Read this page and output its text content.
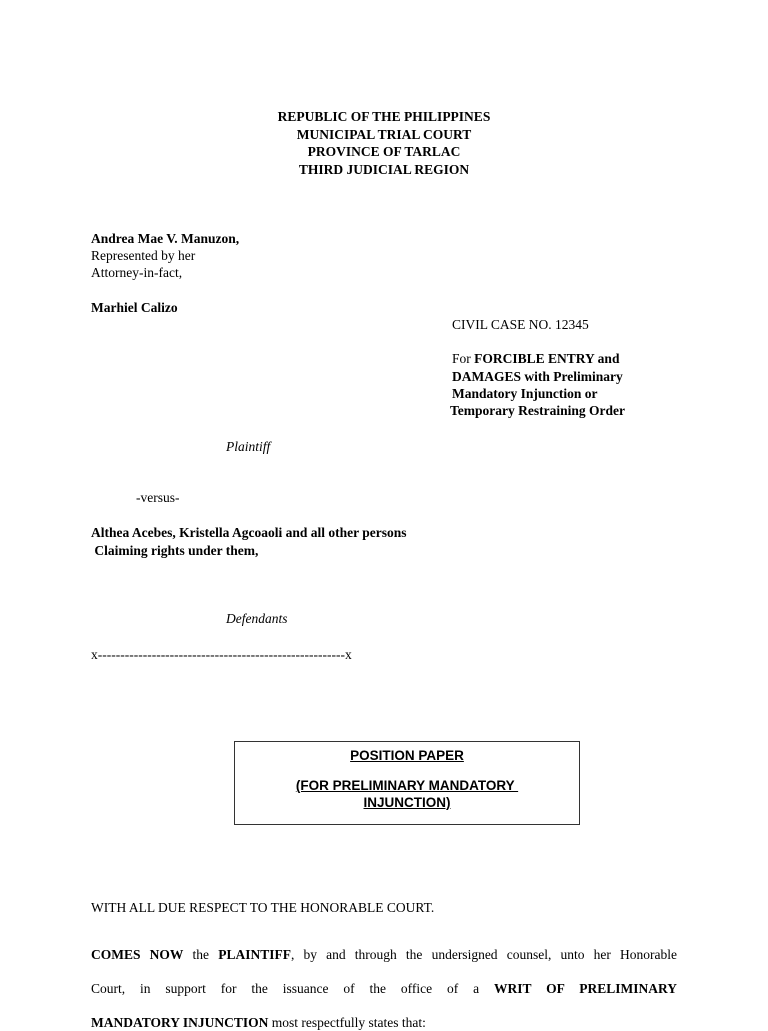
REPUBLIC OF THE PHILIPPINES
MUNICIPAL TRIAL COURT
PROVINCE OF TARLAC
THIRD JUDICIAL REGION
Andrea Mae V. Manuzon,
Represented by her
Attorney-in-fact,
Marhiel Calizo
CIVIL CASE NO. 12345
For FORCIBLE ENTRY and
DAMAGES with Preliminary
Mandatory Injunction or
Temporary Restraining Order
Plaintiff
-versus-
Althea Acebes, Kristella Agcoaoli and all other persons
Claiming rights under them,
Defendants
x-------------------------------------------------------x
POSITION PAPER
(FOR PRELIMINARY MANDATORY
INJUNCTION)
WITH ALL DUE RESPECT TO THE HONORABLE COURT.
COMES NOW the PLAINTIFF, by and through the undersigned counsel, unto her Honorable
Court, in support for the issuance of the office of a WRIT OF PRELIMINARY
MANDATORY INJUNCTION most respectfully states that:
